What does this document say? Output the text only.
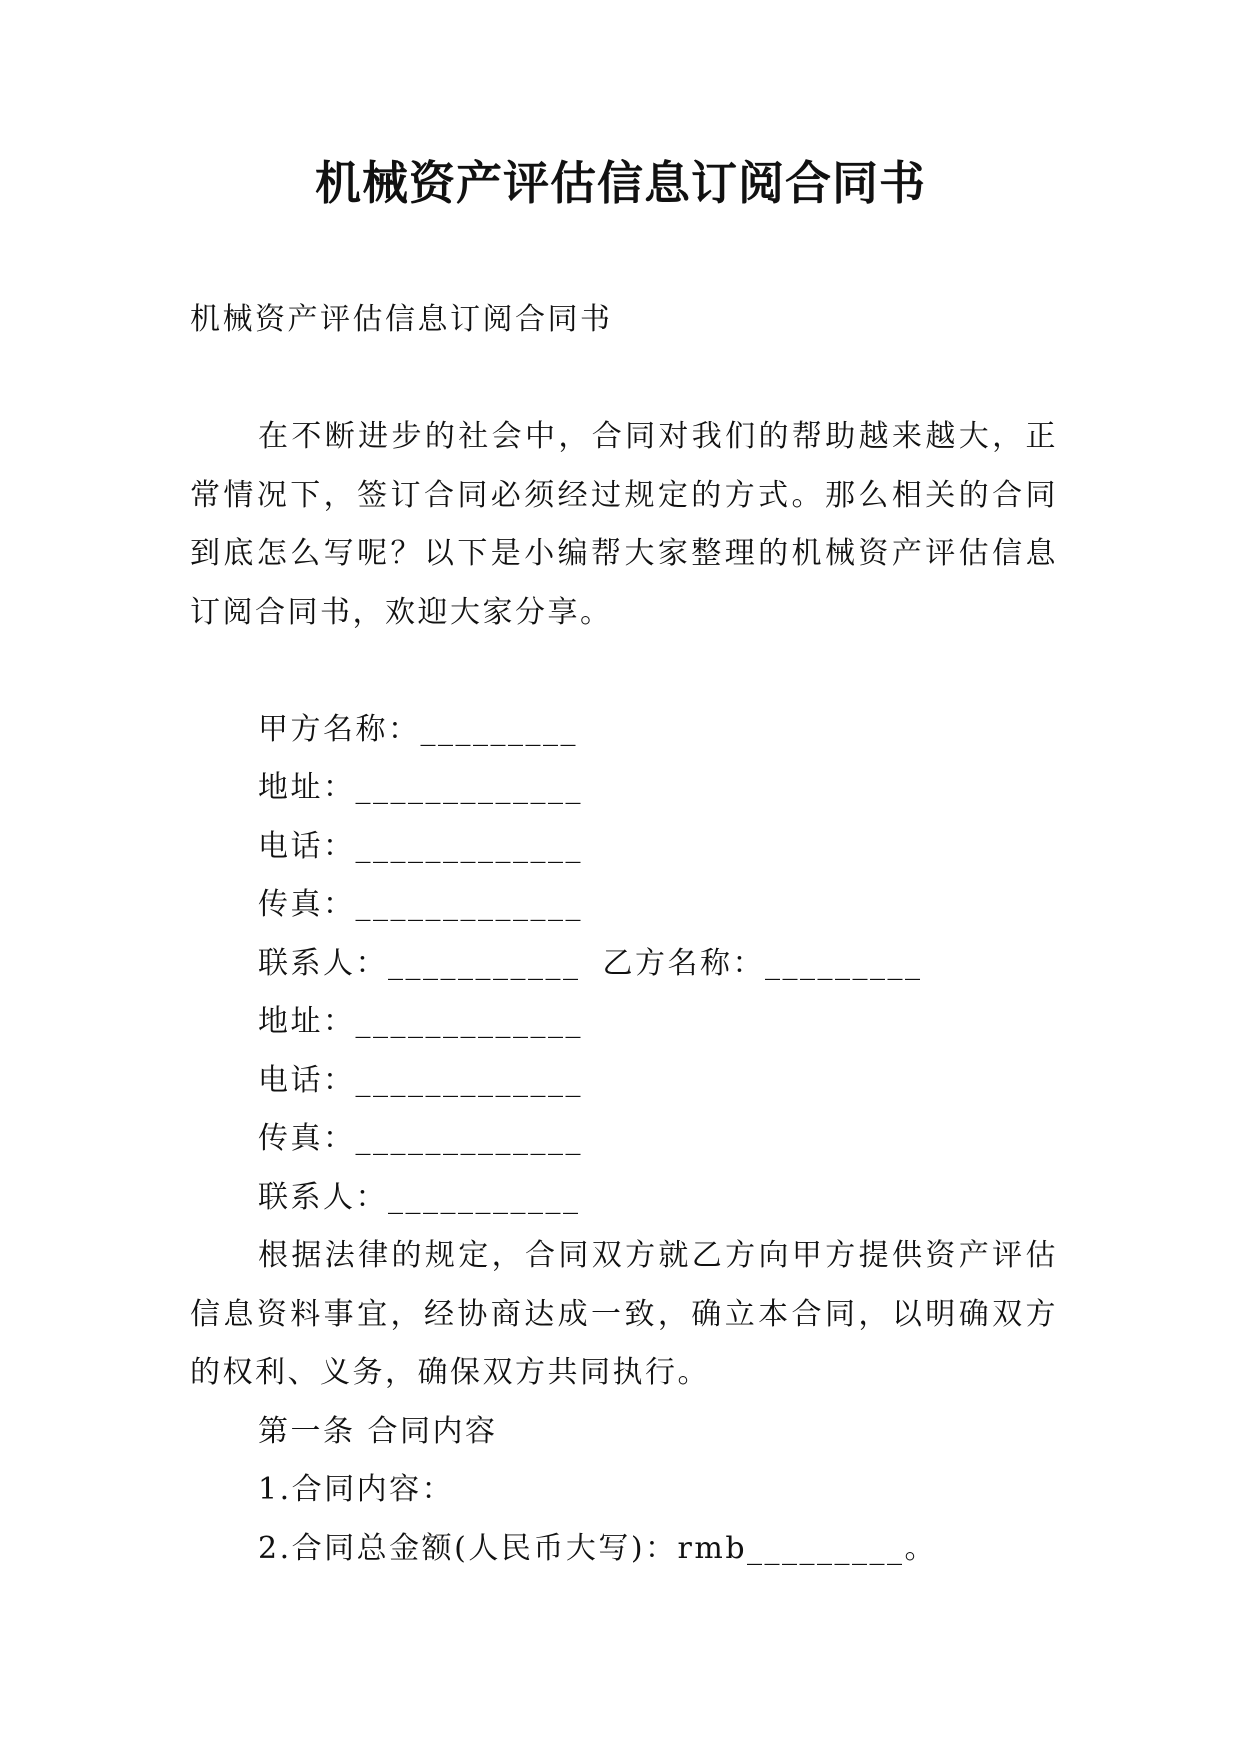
机械资产评估信息订阅合同书

机械资产评估信息订阅合同书

在不断进步的社会中，合同对我们的帮助越来越大，正常情况下，签订合同必须经过规定的方式。那么相关的合同到底怎么写呢？以下是小编帮大家整理的机械资产评估信息订阅合同书，欢迎大家分享。

甲方名称：_________

地址：_____________

电话：_____________

传真：_____________

联系人：___________ 乙方名称：_________

地址：_____________

电话：_____________

传真：_____________

联系人：___________

根据法律的规定，合同双方就乙方向甲方提供资产评估信息资料事宜，经协商达成一致，确立本合同，以明确双方的权利、义务，确保双方共同执行。

第一条 合同内容

1.合同内容：

2.合同总金额(人民币大写)：rmb_________。
